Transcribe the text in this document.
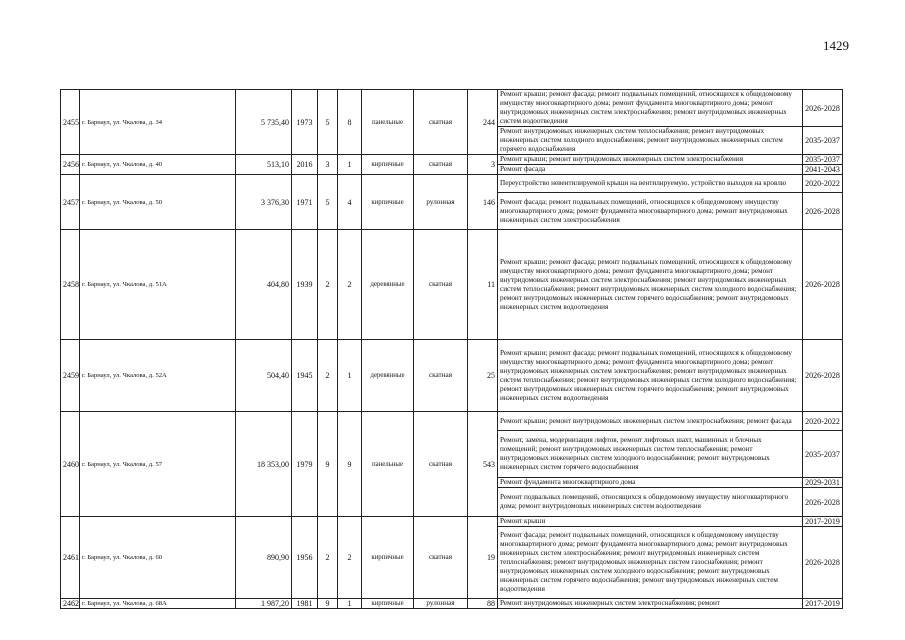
1429
2455	г. Барнаул, ул. Чкалова, д. 34	5 735,40	1973	5	8	панельные	скатная	244	Ремонт крыши; ремонт фасада; ремонт подвальных помещений, относящихся к общедомовому имуществу многоквартирного дома; ремонт фундамента многоквартирного дома; ремонт внутридомовых инженерных систем электроснабжения; ремонт внутридомовых инженерных систем водоотведения	2026-2028
									Ремонт внутридомовых инженерных систем теплоснабжения; ремонт внутридомовых инженерных систем холодного водоснабжения; ремонт внутридомовых инженерных систем горячего водоснабжения	2035-2037
2456	г. Барнаул, ул. Чкалова, д. 40	513,10	2016	3	1	кирпичные	скатная	3	Ремонт крыши; ремонт внутридомовых инженерных систем электроснабжения	2035-2037
									Ремонт фасада	2041-2043
2457	г. Барнаул, ул. Чкалова, д. 50	3 376,30	1971	5	4	кирпичные	рулонная	146	Переустройство невентилируемой крыши на вентилируемую, устройство выходов на кровлю	2020-2022
									Ремонт фасада; ремонт подвальных помещений, относящихся к общедомовому имуществу многоквартирного дома; ремонт фундамента многоквартирного дома; ремонт внутридомовых инженерных систем электроснабжения	2026-2028
2458	г. Барнаул, ул. Чкалова, д. 51А	404,80	1939	2	2	деревянные	скатная	11	Ремонт крыши; ремонт фасада; ремонт подвальных помещений, относящихся к общедомовому имуществу многоквартирного дома; ремонт фундамента многоквартирного дома; ремонт внутридомовых инженерных систем электроснабжения; ремонт внутридомовых инженерных систем теплоснабжения; ремонт внутридомовых инженерных систем холодного водоснабжения; ремонт внутридомовых инженерных систем горячего водоснабжения; ремонт внутридомовых инженерных систем водоотведения	2026-2028
2459	г. Барнаул, ул. Чкалова, д. 52А	504,40	1945	2	1	деревянные	скатная	25	Ремонт крыши; ремонт фасада; ремонт подвальных помещений, относящихся к общедомовому имуществу многоквартирного дома; ремонт фундамента многоквартирного дома; ремонт внутридомовых инженерных систем электроснабжения; ремонт внутридомовых инженерных систем теплоснабжения; ремонт внутридомовых инженерных систем холодного водоснабжения; ремонт внутридомовых инженерных систем горячего водоснабжения; ремонт внутридомовых инженерных систем водоотведения	2026-2028
2460	г. Барнаул, ул. Чкалова, д. 57	18 353,00	1979	9	9	панельные	скатная	543	Ремонт крыши; ремонт внутридомовых инженерных систем электроснабжения; ремонт фасада	2020-2022
									Ремонт, замена, модернизация лифтов, ремонт лифтовых шахт, машинных и блочных помещений; ремонт внутридомовых инженерных систем теплоснабжения; ремонт внутридомовых инженерных систем холодного водоснабжения; ремонт внутридомовых инженерных систем горячего водоснабжения	2035-2037
									Ремонт фундамента многоквартирного дома	2029-2031
									Ремонт подвальных помещений, относящихся к общедомовому имуществу многоквартирного дома; ремонт внутридомовых инженерных систем водоотведения	2026-2028
2461	г. Барнаул, ул. Чкалова, д. 60	890,90	1956	2	2	кирпичные	скатная	19	Ремонт крыши	2017-2019
									Ремонт фасада; ремонт подвальных помещений, относящихся к общедомовому имуществу многоквартирного дома; ремонт фундамента многоквартирного дома; ремонт внутридомовых инженерных систем электроснабжения; ремонт внутридомовых инженерных систем теплоснабжения; ремонт внутридомовых инженерных систем газоснабжения; ремонт внутридомовых инженерных систем холодного водоснабжения; ремонт внутридомовых инженерных систем горячего водоснабжения; ремонт внутридомовых инженерных систем водоотведения	2026-2028
2462	г. Барнаул, ул. Чкалова, д. 68А	1 987,20	1981	9	1	кирпичные	рулонная	88	Ремонт внутридомовых инженерных систем электроснабжения; ремонт	2017-2019
